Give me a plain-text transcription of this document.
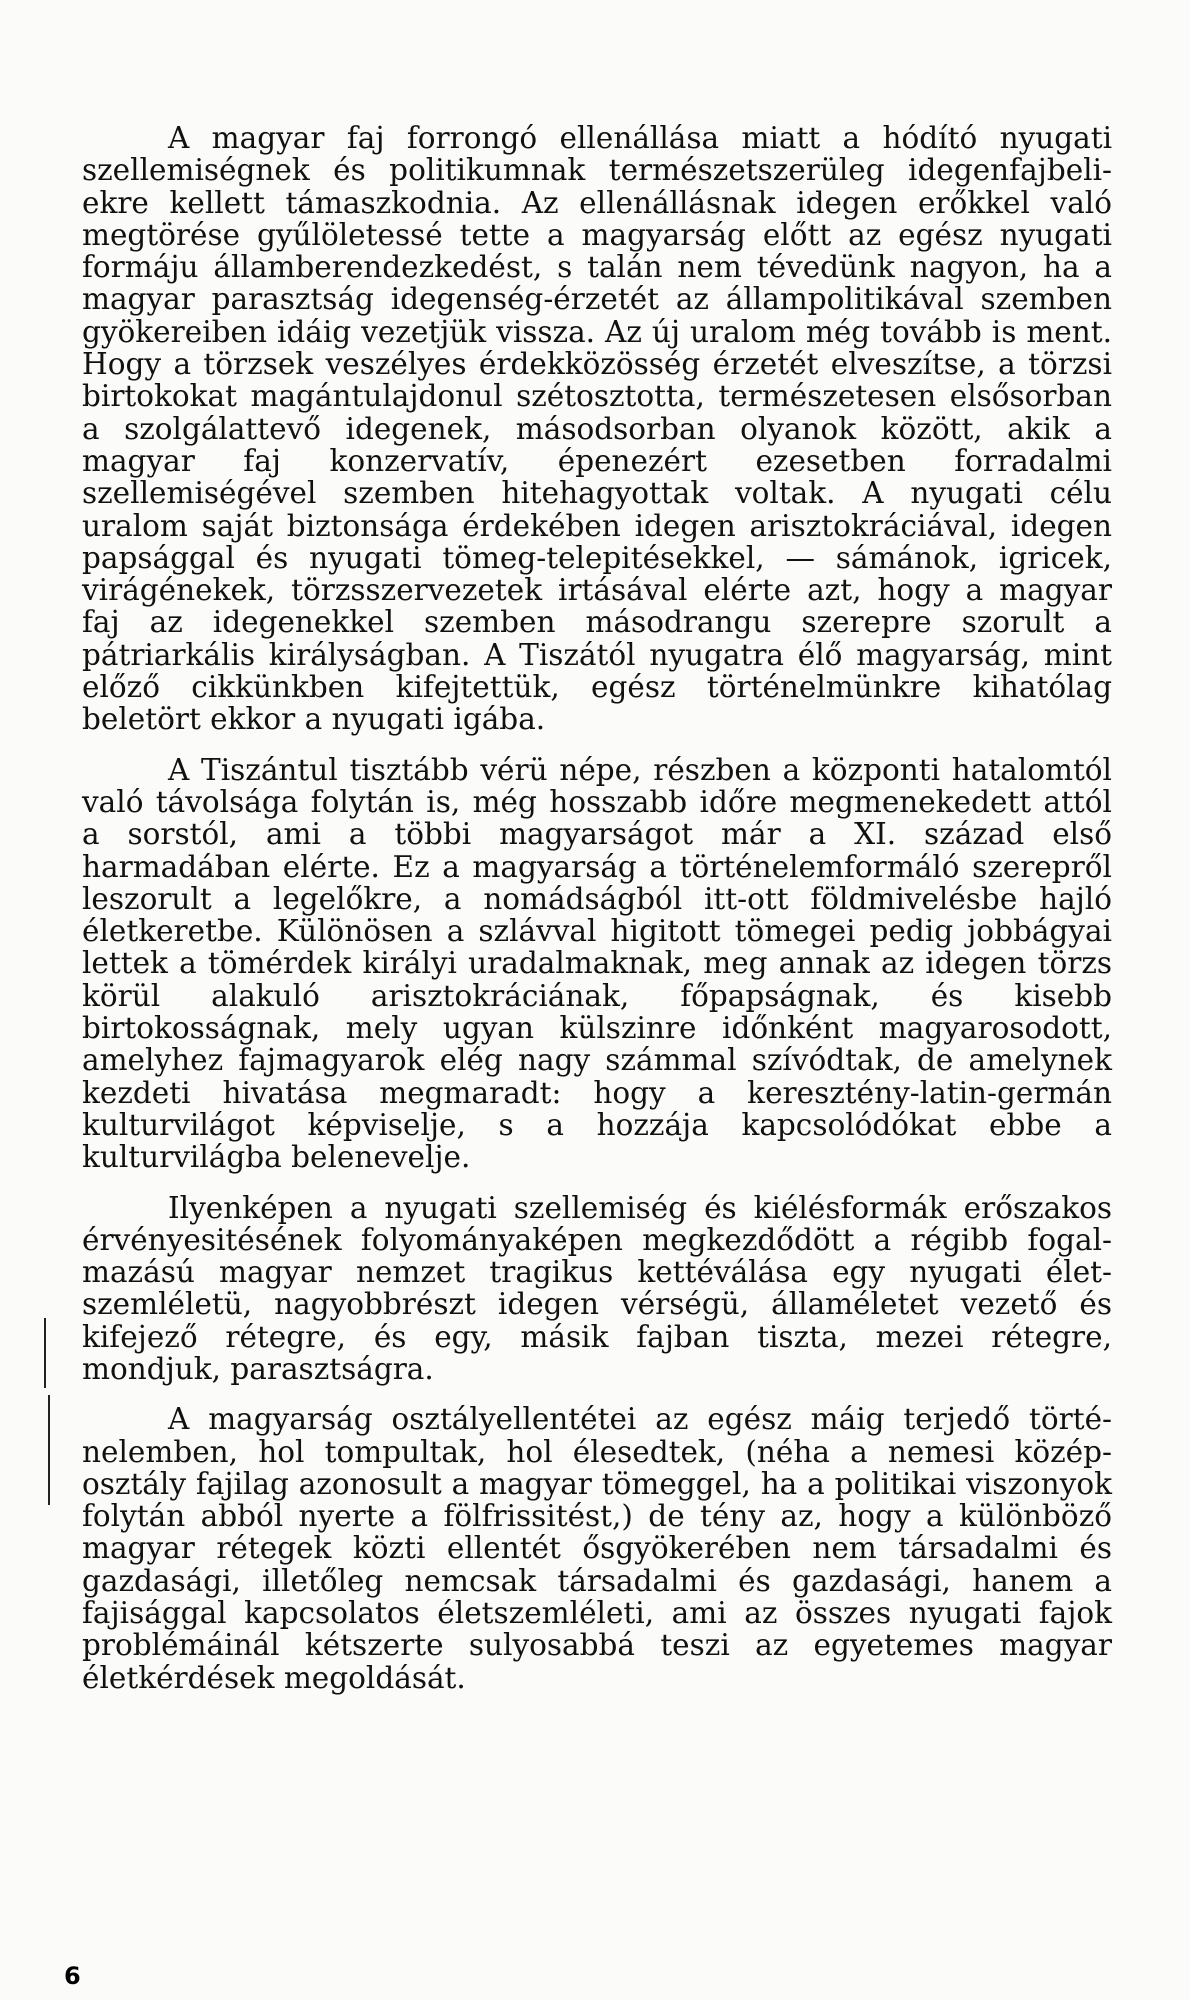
A magyar faj forrongó ellenállása miatt a hódító nyugati szellemiségnek és politikumnak természetszerüleg idegenfajbeliekre kellett támaszkodnia. Az ellenállásnak idegen erőkkel való megtörése gyűlöletessé tette a magyarság előtt az egész nyugati formáju államberendezkedést, s talán nem tévedünk nagyon, ha a magyar parasztság idegenség-érzetét az állampolitikával szemben gyökereiben idáig vezetjük vissza. Az új uralom még tovább is ment. Hogy a törzsek veszélyes érdekközösség érzetét elveszítse, a törzsi birtokokat magántulajdonul szétosztotta, természetesen elsősorban a szolgálattevő idegenek, másodsorban olyanok között, akik a magyar faj konzervatív, épenezért ezesetben forradalmi szellemiségével szemben hitehagyottak voltak. A nyugati célu uralom saját biztonsága érdekében idegen arisztokráciával, idegen papsággal és nyugati tömeg-telepitésekkel, — sámánok, igricek, virágénekek, törzsszervezetek irtásával elérte azt, hogy a magyar faj az idegenekkel szemben másodrangu szerepre szorult a pátriarkális királyságban. A Tiszától nyugatra élő magyarság, mint előző cikkünkben kifejtettük, egész történelmünkre kihatólag beletört ekkor a nyugati igába.

A Tiszántul tisztább vérü népe, részben a központi hatalomtól való távolsága folytán is, még hosszabb időre megmenekedett attól a sorstól, ami a többi magyarságot már a XI. század első harmadában elérte. Ez a magyarság a történelemformáló szerepről leszorult a legelőkre, a nomádságból itt-ott földmivelésbe hajló életkeretbe. Különösen a szlávval higitott tömegei pedig jobbágyai lettek a tömérdek királyi uradalmaknak, meg annak az idegen törzs körül alakuló arisztokráciának, főpapságnak, és kisebb birtokosságnak, mely ugyan külszinre időnként magyarosodott, amelyhez fajmagyarok elég nagy számmal szívódtak, de amelynek kezdeti hivatása megmaradt: hogy a keresztény-latin-germán kulturvilágot képviselje, s a hozzája kapcsolódókat ebbe a kulturvilágba belenevelje.

Ilyenképen a nyugati szellemiség és kiélésformák erőszakos érvényesitésének folyományaképen megkezdődött a régibb fogalmazású magyar nemzet tragikus kettéválása egy nyugati életszemléletü, nagyobbrészt idegen vérségü, államéletet vezető és kifejező rétegre, és egy, másik fajban tiszta, mezei rétegre, mondjuk, parasztságra.

A magyarság osztályellentétei az egész máig terjedő történelemben, hol tompultak, hol élesedtek, (néha a nemesi középosztály fajilag azonosult a magyar tömeggel, ha a politikai viszonyok folytán abból nyerte a fölfrissitést,) de tény az, hogy a különböző magyar rétegek közti ellentét ősgyökerében nem társadalmi és gazdasági, illetőleg nemcsak társadalmi és gazdasági, hanem a fajisággal kapcsolatos életszemléleti, ami az összes nyugati fajok problémáinál kétszerte sulyosabbá teszi az egyetemes magyar életkérdések megoldását.

6
